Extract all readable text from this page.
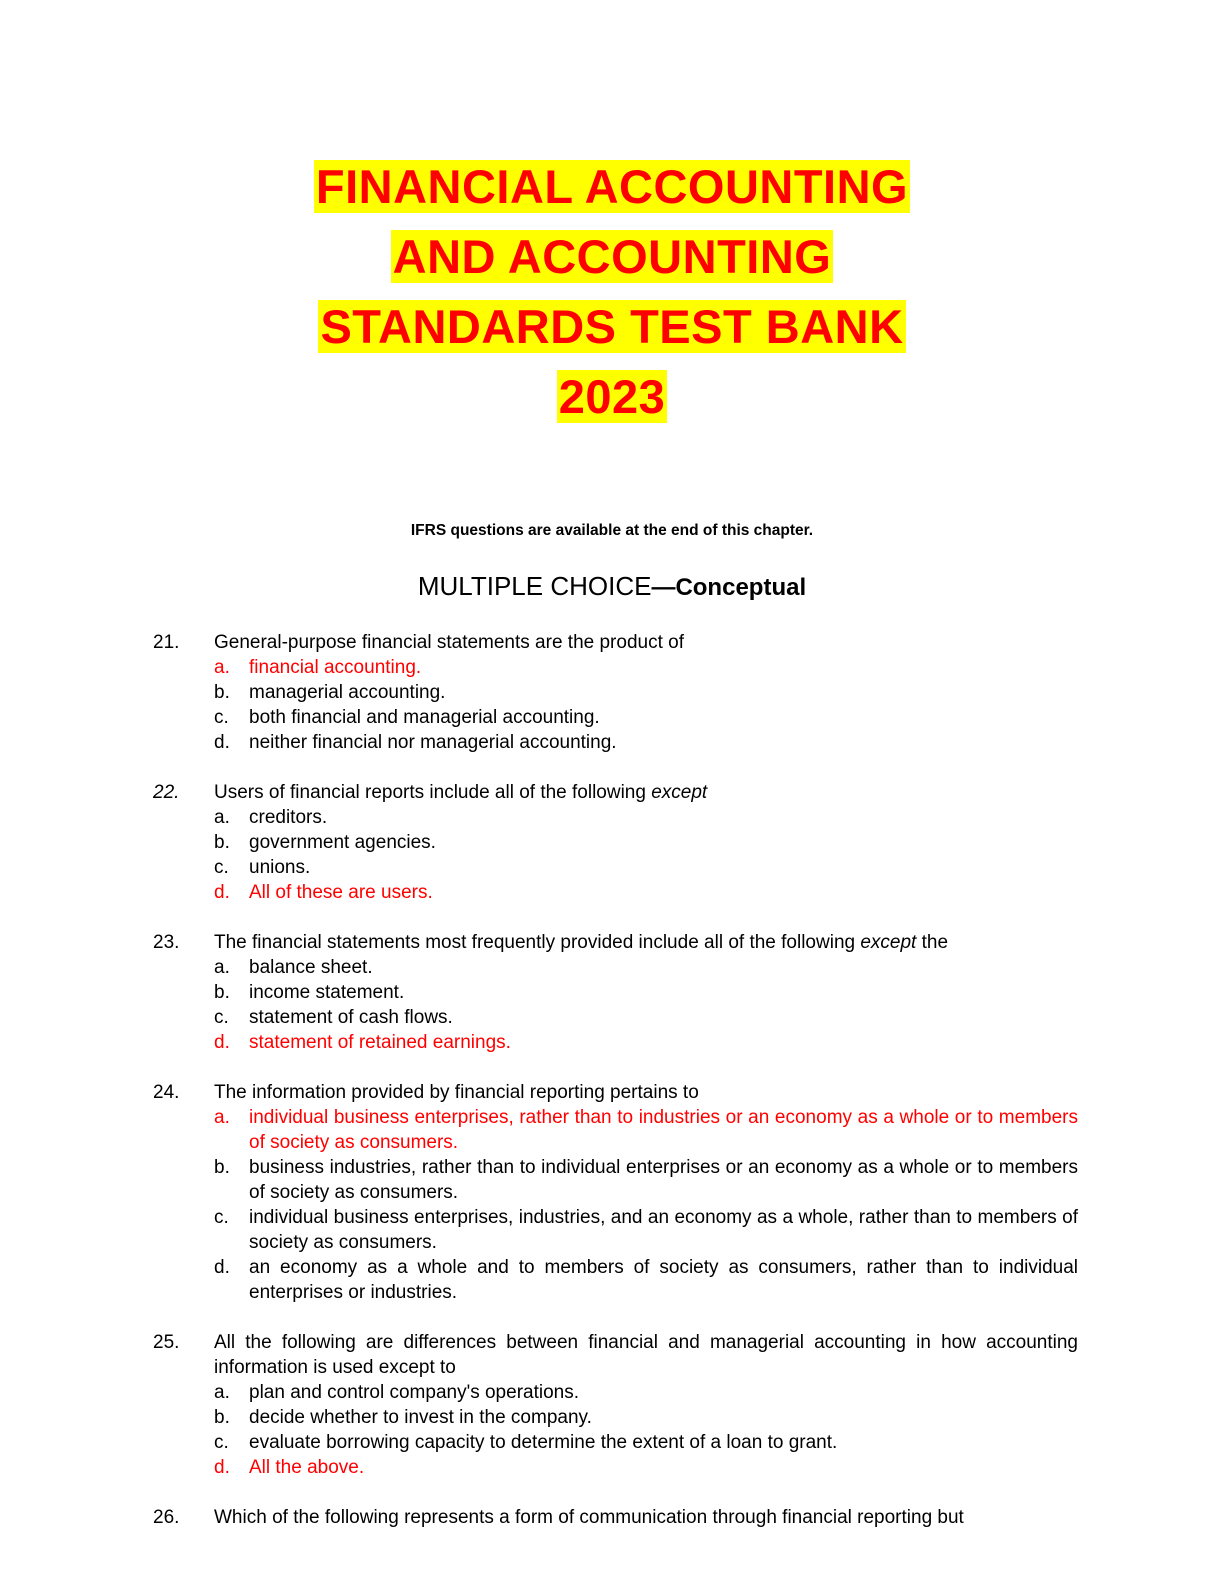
FINANCIAL ACCOUNTING
AND ACCOUNTING
STANDARDS TEST BANK
2023
IFRS questions are available at the end of this chapter.
MULTIPLE CHOICE—Conceptual
21.	General-purpose financial statements are the product of
a.	financial accounting.
b.	managerial accounting.
c.	both financial and managerial accounting.
d.	neither financial nor managerial accounting.
22.	Users of financial reports include all of the following except
a.	creditors.
b.	government agencies.
c.	unions.
d.	All of these are users.
23.	The financial statements most frequently provided include all of the following except the
a.	balance sheet.
b.	income statement.
c.	statement of cash flows.
d.	statement of retained earnings.
24.	The information provided by financial reporting pertains to
a.	individual business enterprises, rather than to industries or an economy as a whole or to members of society as consumers.
b.	business industries, rather than to individual enterprises or an economy as a whole or to members of society as consumers.
c.	individual business enterprises, industries, and an economy as a whole, rather than to members of society as consumers.
d.	an economy as a whole and to members of society as consumers, rather than to individual enterprises or industries.
25.	All the following are differences between financial and managerial accounting in how accounting information is used except to
a.	plan and control company's operations.
b.	decide whether to invest in the company.
c.	evaluate borrowing capacity to determine the extent of a loan to grant.
d.	All the above.
26.	Which of the following represents a form of communication through financial reporting but
